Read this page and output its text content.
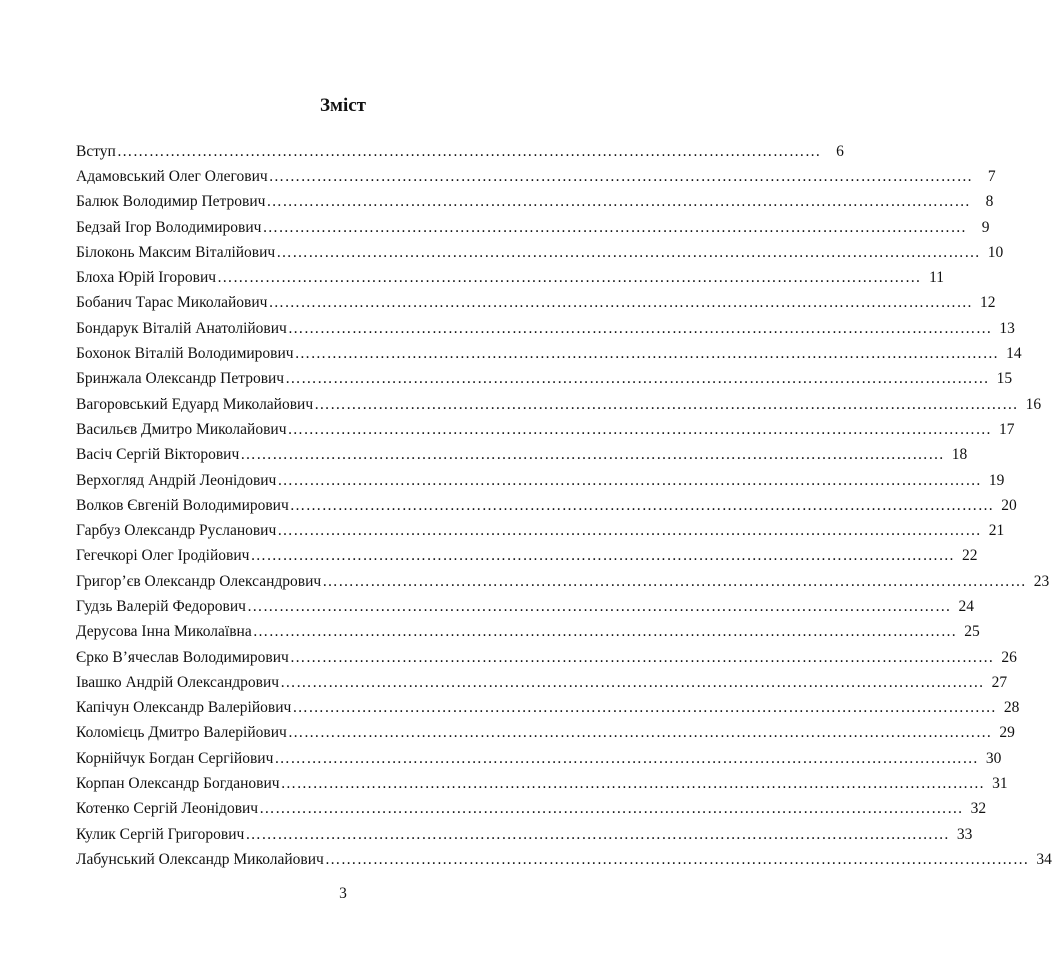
Зміст
Вступ …………………………………………………………………………………………………………………… 6
Адамовський Олег Олегович …………………………………………………………………………………………………………………… 7
Балюк Володимир Петрович …………………………………………………………………………………………………………………… 8
Бедзай Ігор Володимирович …………………………………………………………………………………………………………………… 9
Білоконь Максим Віталійович …………………………………………………………………………………………………………………… 10
Блоха Юрій Ігорович …………………………………………………………………………………………………………………… 11
Бобанич Тарас Миколайович …………………………………………………………………………………………………………………… 12
Бондарук Віталій Анатолійович …………………………………………………………………………………………………………………… 13
Бохонок Віталій Володимирович …………………………………………………………………………………………………………………… 14
Бринжала Олександр Петрович …………………………………………………………………………………………………………………… 15
Вагоровський Едуард Миколайович …………………………………………………………………………………………………………………… 16
Васильєв Дмитро Миколайович …………………………………………………………………………………………………………………… 17
Васіч Сергій Вікторович …………………………………………………………………………………………………………………… 18
Верхогляд Андрій Леонідович …………………………………………………………………………………………………………………… 19
Волков Євгеній Володимирович …………………………………………………………………………………………………………………… 20
Гарбуз Олександр Русланович …………………………………………………………………………………………………………………… 21
Гегечкорі Олег Іродійович …………………………………………………………………………………………………………………… 22
Григор’єв Олександр Олександрович …………………………………………………………………………………………………………………… 23
Гудзь Валерій Федорович …………………………………………………………………………………………………………………… 24
Дерусова Інна Миколаївна …………………………………………………………………………………………………………………… 25
Єрко В’ячеслав Володимирович …………………………………………………………………………………………………………………… 26
Івашко Андрій Олександрович …………………………………………………………………………………………………………………… 27
Капічун Олександр Валерійович …………………………………………………………………………………………………………………… 28
Коломієць Дмитро Валерійович …………………………………………………………………………………………………………………… 29
Корнійчук Богдан Сергійович …………………………………………………………………………………………………………………… 30
Корпан Олександр Богданович …………………………………………………………………………………………………………………… 31
Котенко Сергій Леонідович …………………………………………………………………………………………………………………… 32
Кулик Сергій Григорович …………………………………………………………………………………………………………………… 33
Лабунський Олександр Миколайович …………………………………………………………………………………………………………………… 34
3
